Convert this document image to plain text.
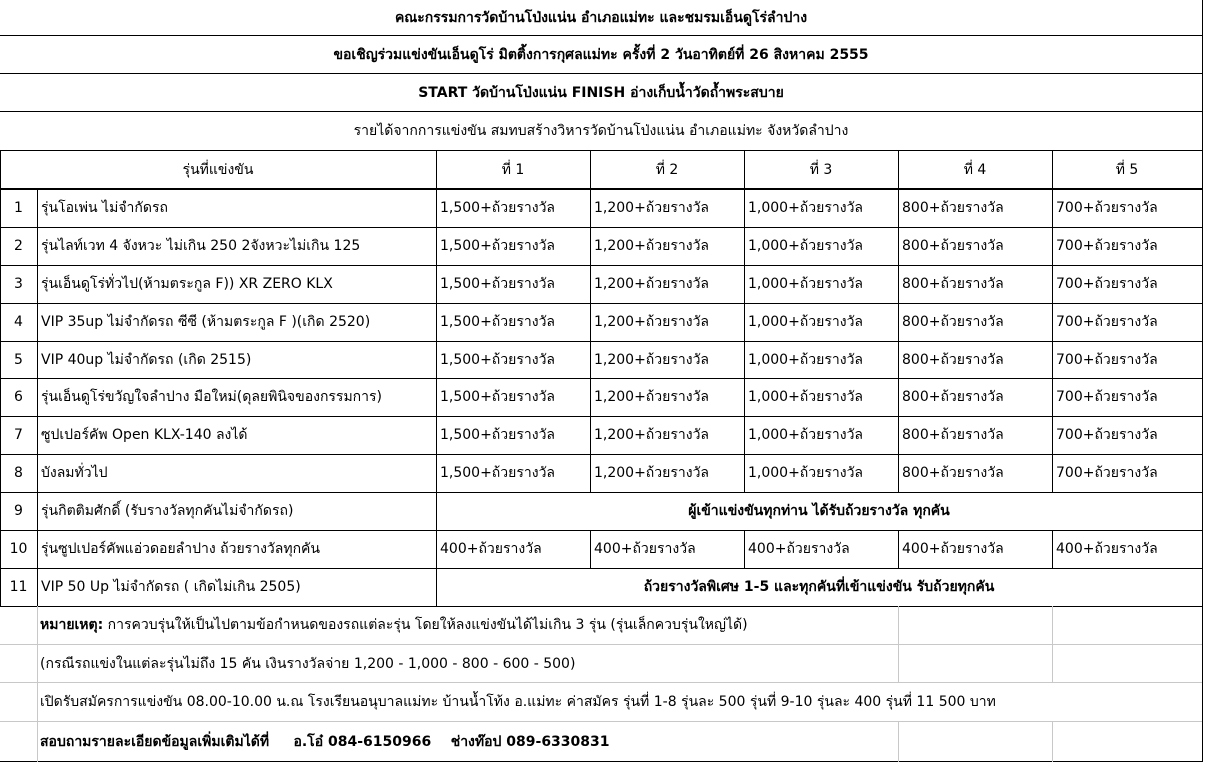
คณะกรรมการวัดบ้านโป่งแน่น อำเภอแม่ทะ และชมรมเอ็นดูโร่ลำปาง
ขอเชิญร่วมแข่งขันเอ็นดูโร่ มิตติ้งการกุศลแม่ทะ ครั้งที่ 2 วันอาทิตย์ที่ 26 สิงหาคม 2555
START วัดบ้านโป่งแน่น FINISH อ่างเก็บน้ำวัดถ้ำพระสบาย
รายได้จากการแข่งขัน สมทบสร้างวิหารวัดบ้านโป่งแน่น อำเภอแม่ทะ จังหวัดลำปาง
รุ่นที่แข่งขัน	ที่ 1	ที่ 2	ที่ 3	ที่ 4	ที่ 5
1	รุ่นโอเพ่น ไม่จำกัดรถ	1,500+ถ้วยรางวัล	1,200+ถ้วยรางวัล	1,000+ถ้วยรางวัล	800+ถ้วยรางวัล	700+ถ้วยรางวัล
2	รุ่นไลท์เวท 4 จังหวะ ไม่เกิน 250 2จังหวะไม่เกิน 125	1,500+ถ้วยรางวัล	1,200+ถ้วยรางวัล	1,000+ถ้วยรางวัล	800+ถ้วยรางวัล	700+ถ้วยรางวัล
3	รุ่นเอ็นดูโร่ทั่วไป(ห้ามตระกูล F)) XR ZERO KLX	1,500+ถ้วยรางวัล	1,200+ถ้วยรางวัล	1,000+ถ้วยรางวัล	800+ถ้วยรางวัล	700+ถ้วยรางวัล
4	VIP 35up ไม่จำกัดรถ ซีซี (ห้ามตระกูล F )(เกิด 2520)	1,500+ถ้วยรางวัล	1,200+ถ้วยรางวัล	1,000+ถ้วยรางวัล	800+ถ้วยรางวัล	700+ถ้วยรางวัล
5	VIP 40up ไม่จำกัดรถ (เกิด 2515)	1,500+ถ้วยรางวัล	1,200+ถ้วยรางวัล	1,000+ถ้วยรางวัล	800+ถ้วยรางวัล	700+ถ้วยรางวัล
6	รุ่นเอ็นดูโร่ขวัญใจลำปาง มือใหม่(ดุลยพินิจของกรรมการ)	1,500+ถ้วยรางวัล	1,200+ถ้วยรางวัล	1,000+ถ้วยรางวัล	800+ถ้วยรางวัล	700+ถ้วยรางวัล
7	ซูปเปอร์คัพ Open KLX-140 ลงได้	1,500+ถ้วยรางวัล	1,200+ถ้วยรางวัล	1,000+ถ้วยรางวัล	800+ถ้วยรางวัล	700+ถ้วยรางวัล
8	บังลมทั่วไป	1,500+ถ้วยรางวัล	1,200+ถ้วยรางวัล	1,000+ถ้วยรางวัล	800+ถ้วยรางวัล	700+ถ้วยรางวัล
9	รุ่นกิตติมศักดิ์ (รับรางวัลทุกคันไม่จำกัดรถ)	ผู้เข้าแข่งขันทุกท่าน ได้รับถ้วยรางวัล ทุกคัน
10 รุ่นซูปเปอร์คัพแอ่วดอยลำปาง ถ้วยรางวัลทุกคัน	400+ถ้วยรางวัล	400+ถ้วยรางวัล	400+ถ้วยรางวัล	400+ถ้วยรางวัล	400+ถ้วยรางวัล
11 VIP 50 Up ไม่จำกัดรถ ( เกิดไม่เกิน 2505)	ถ้วยรางวัลพิเศษ 1-5 และทุกคันที่เข้าแข่งขัน รับถ้วยทุกคัน
หมายเหตุ: การควบรุ่นให้เป็นไปตามข้อกำหนดของรถแต่ละรุ่น โดยให้ลงแข่งขันได้ไม่เกิน 3 รุ่น (รุ่นเล็กควบรุ่นใหญ่ได้)
(กรณีรถแข่งในแต่ละรุ่นไม่ถึง 15 คัน เงินรางวัลจ่าย 1,200 - 1,000 - 800 - 600 - 500)
เปิดรับสมัครการแข่งขัน 08.00-10.00 น.ณ โรงเรียนอนุบาลแม่ทะ บ้านน้ำโท้ง อ.แม่ทะ ค่าสมัคร รุ่นที่ 1-8 รุ่นละ 500 รุ่นที่ 9-10 รุ่นละ 400 รุ่นที่ 11 500 บาท
สอบถามรายละเอียดข้อมูลเพิ่มเติมได้ที่     อ.โอ๋ 084-6150966    ช่างท๊อป 089-6330831
